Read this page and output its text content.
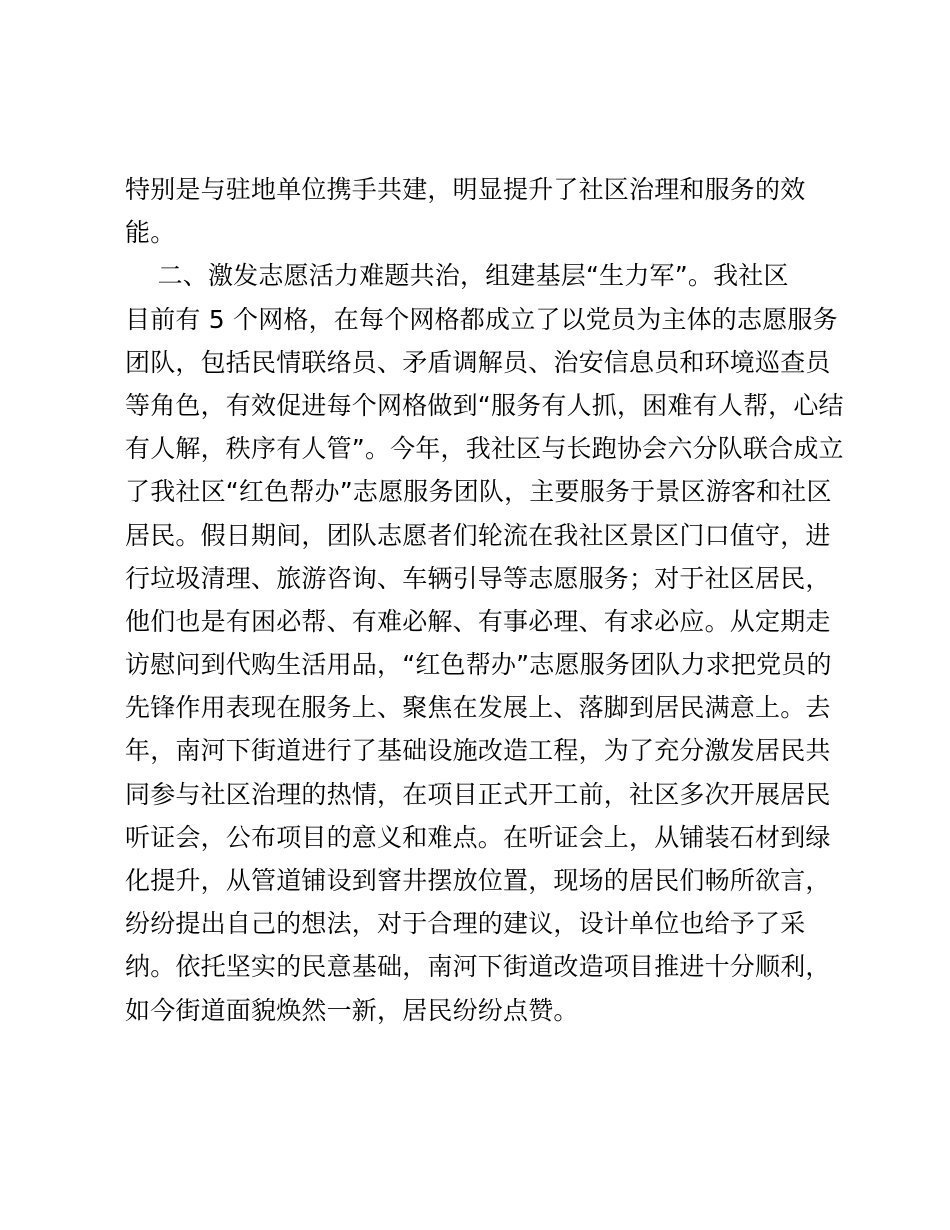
特别是与驻地单位携手共建，明显提升了社区治理和服务的效
能。
二、激发志愿活力难题共治，组建基层“生力军”。我社区
目前有 5 个网格，在每个网格都成立了以党员为主体的志愿服务
团队，包括民情联络员、矛盾调解员、治安信息员和环境巡查员
等角色，有效促进每个网格做到“服务有人抓，困难有人帮，心结
有人解，秩序有人管”。今年，我社区与长跑协会六分队联合成立
了我社区“红色帮办”志愿服务团队，主要服务于景区游客和社区
居民。假日期间，团队志愿者们轮流在我社区景区门口值守，进
行垃圾清理、旅游咨询、车辆引导等志愿服务；对于社区居民，
他们也是有困必帮、有难必解、有事必理、有求必应。从定期走
访慰问到代购生活用品，“红色帮办”志愿服务团队力求把党员的
先锋作用表现在服务上、聚焦在发展上、落脚到居民满意上。去
年，南河下街道进行了基础设施改造工程，为了充分激发居民共
同参与社区治理的热情，在项目正式开工前，社区多次开展居民
听证会，公布项目的意义和难点。在听证会上，从铺装石材到绿
化提升，从管道铺设到窨井摆放位置，现场的居民们畅所欲言，
纷纷提出自己的想法，对于合理的建议，设计单位也给予了采
纳。依托坚实的民意基础，南河下街道改造项目推进十分顺利，
如今街道面貌焕然一新，居民纷纷点赞。
